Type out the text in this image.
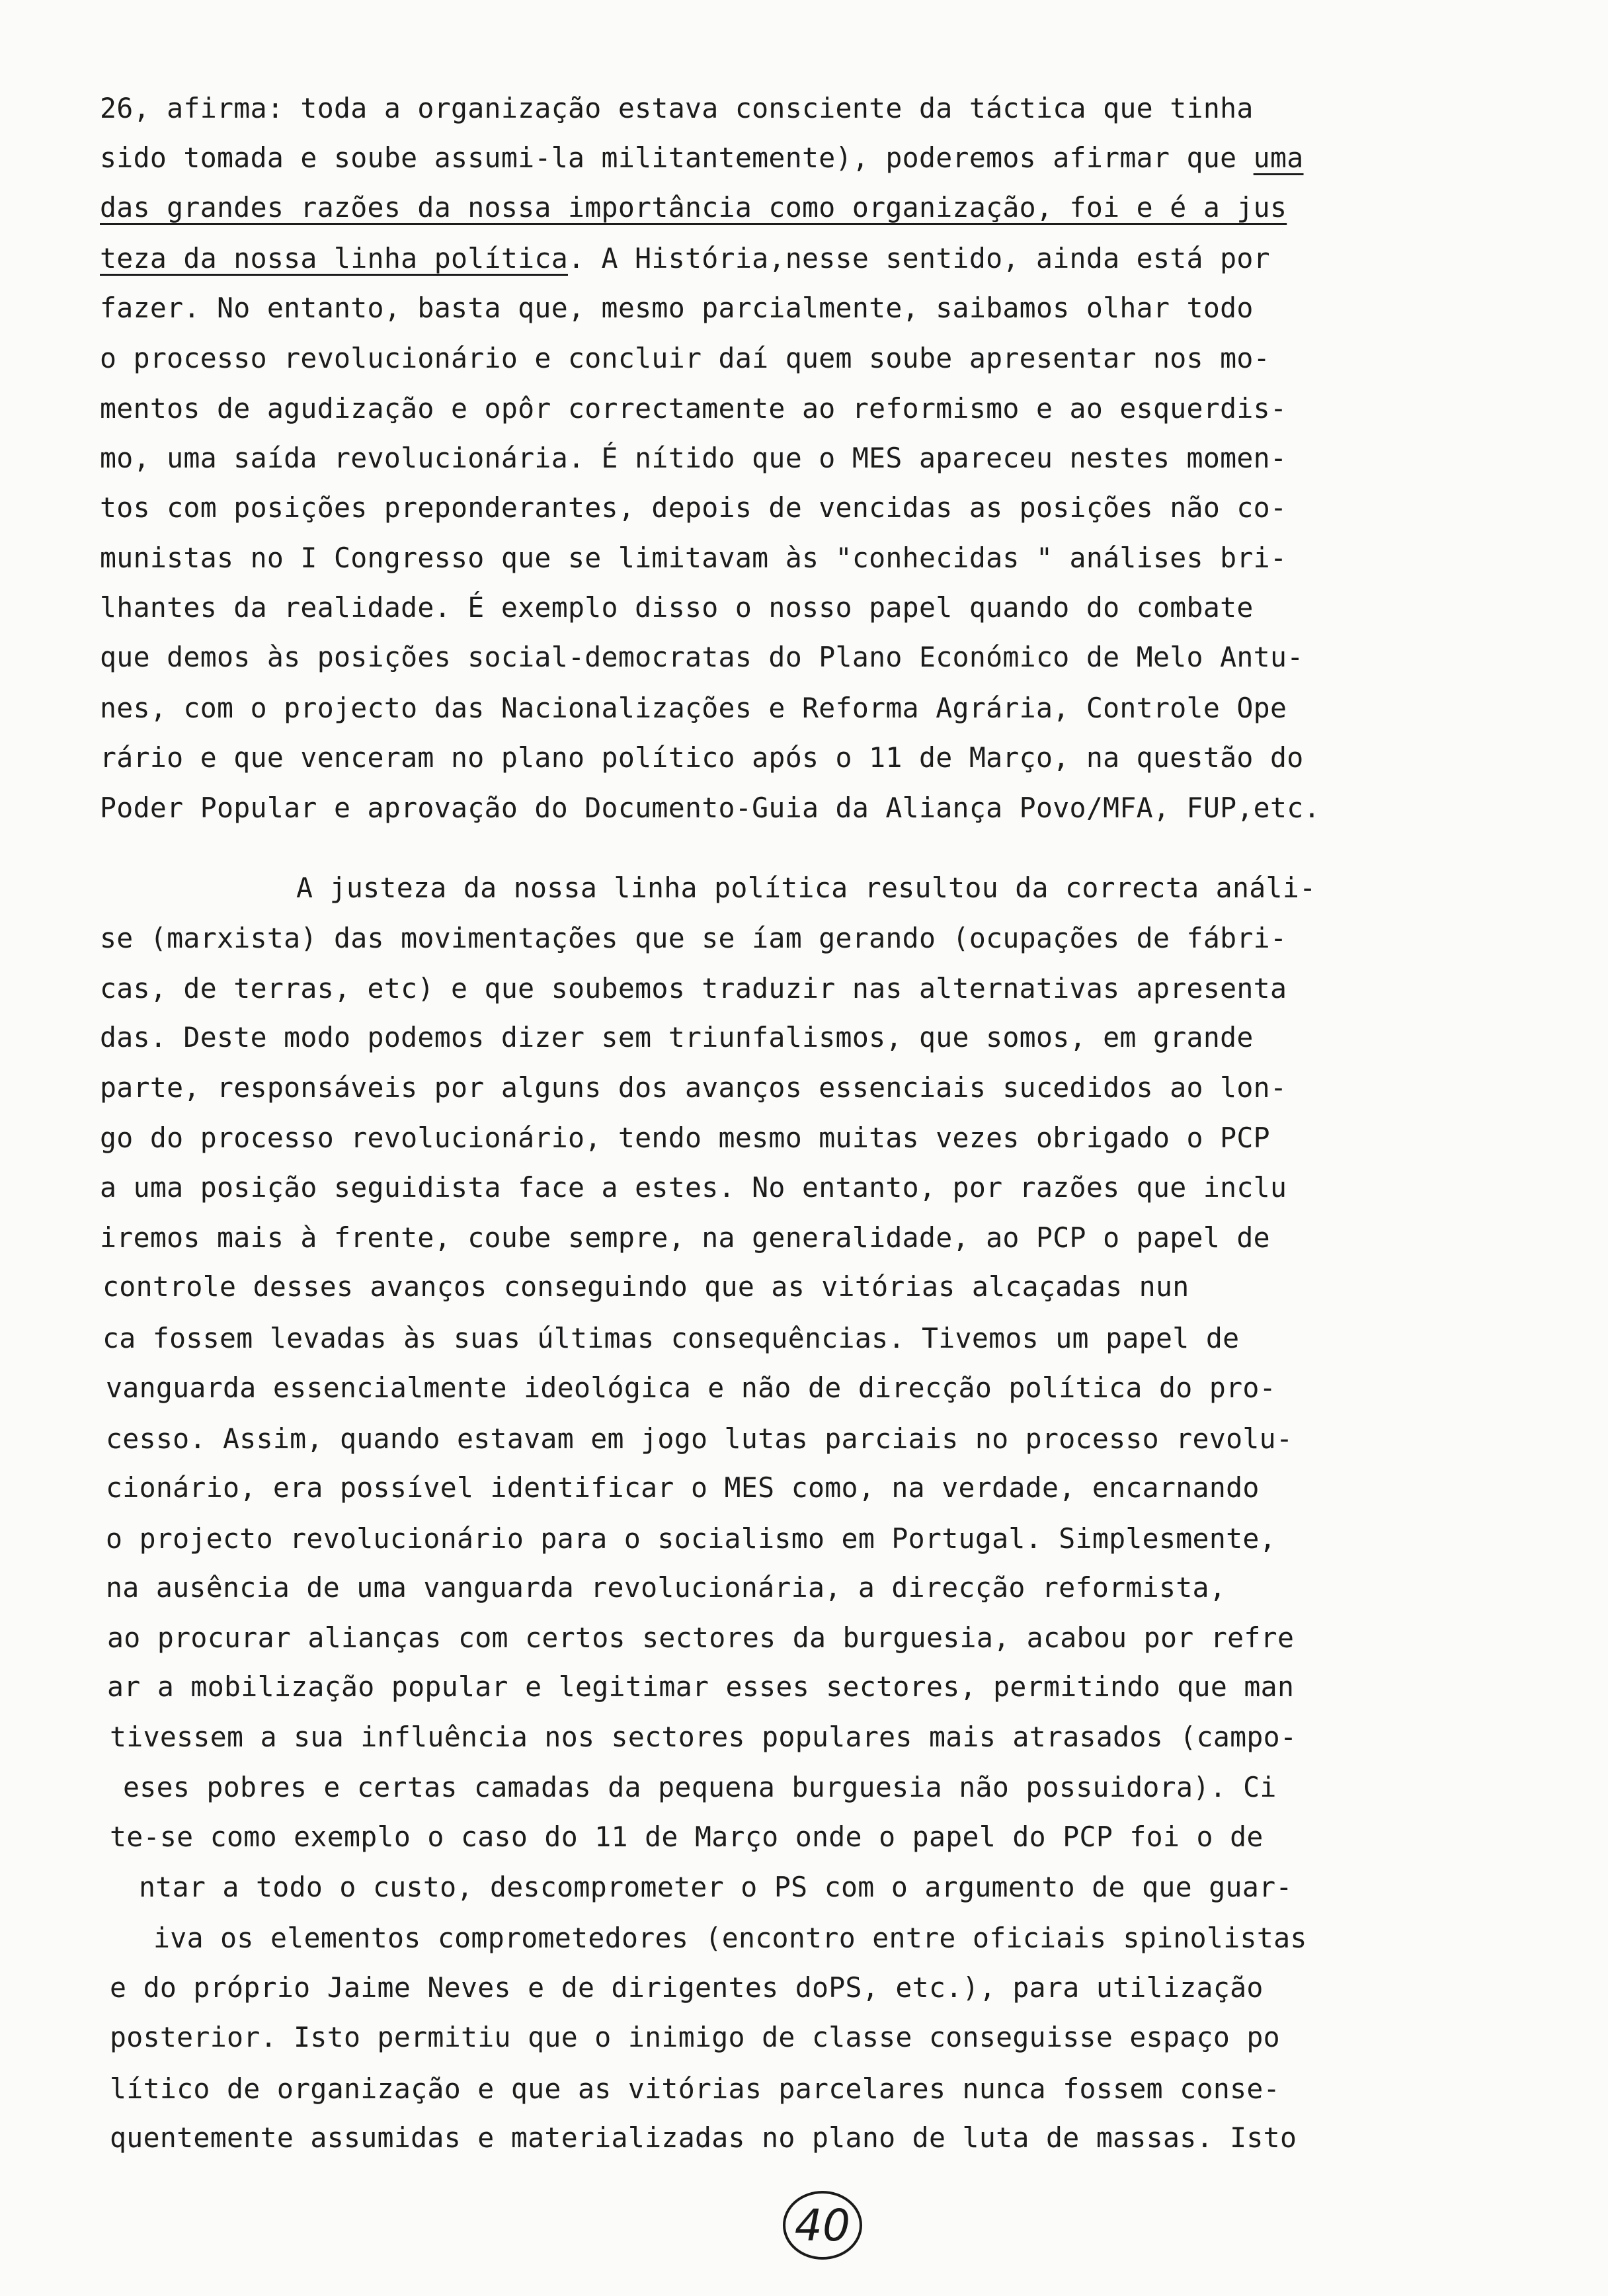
26, afirma: toda a organização estava consciente da táctica que tinha
sido tomada e soube assumi-la militantemente), poderemos afirmar que uma
das grandes razões da nossa importância como organização, foi e é a jus
teza da nossa linha política. A História,nesse sentido, ainda está por
fazer. No entanto, basta que, mesmo parcialmente, saibamos olhar todo
o processo revolucionário e concluir daí quem soube apresentar nos mo-
mentos de agudização e opôr correctamente ao reformismo e ao esquerdis-
mo, uma saída revolucionária. É nítido que o MES apareceu nestes momen-
tos com posições preponderantes, depois de vencidas as posições não co-
munistas no I Congresso que se limitavam às "conhecidas " análises bri-
lhantes da realidade. É exemplo disso o nosso papel quando do combate
que demos às posições social-democratas do Plano Económico de Melo Antu-
nes, com o projecto das Nacionalizações e Reforma Agrária, Controle Ope
rário e que venceram no plano político após o 11 de Março, na questão do
Poder Popular e aprovação do Documento-Guia da Aliança Povo/MFA, FUP,etc.
A justeza da nossa linha política resultou da correcta análi-
se (marxista) das movimentações que se íam gerando (ocupações de fábri-
cas, de terras, etc) e que soubemos traduzir nas alternativas apresenta
das. Deste modo podemos dizer sem triunfalismos, que somos, em grande
parte, responsáveis por alguns dos avanços essenciais sucedidos ao lon-
go do processo revolucionário, tendo mesmo muitas vezes obrigado o PCP
a uma posição seguidista face a estes. No entanto, por razões que inclu
iremos mais à frente, coube sempre, na generalidade, ao PCP o papel de
controle desses avanços conseguindo que as vitórias alcaçadas nun
ca fossem levadas às suas últimas consequências. Tivemos um papel de
vanguarda essencialmente ideológica e não de direcção política do pro-
cesso. Assim, quando estavam em jogo lutas parciais no processo revolu-
cionário, era possível identificar o MES como, na verdade, encarnando
o projecto revolucionário para o socialismo em Portugal. Simplesmente,
na ausência de uma vanguarda revolucionária, a direcção reformista,
ao procurar alianças com certos sectores da burguesia, acabou por refre
ar a mobilização popular e legitimar esses sectores, permitindo que man
tivessem a sua influência nos sectores populares mais atrasados (campo-
eses pobres e certas camadas da pequena burguesia não possuidora). Ci
te-se como exemplo o caso do 11 de Março onde o papel do PCP foi o de
ntar a todo o custo, descomprometer o PS com o argumento de que guar-
iva os elementos comprometedores (encontro entre oficiais spinolistas
e do próprio Jaime Neves e de dirigentes doPS, etc.), para utilização
posterior. Isto permitiu que o inimigo de classe conseguisse espaço po
lítico de organização e que as vitórias parcelares nunca fossem conse-
quentemente assumidas e materializadas no plano de luta de massas. Isto
40
